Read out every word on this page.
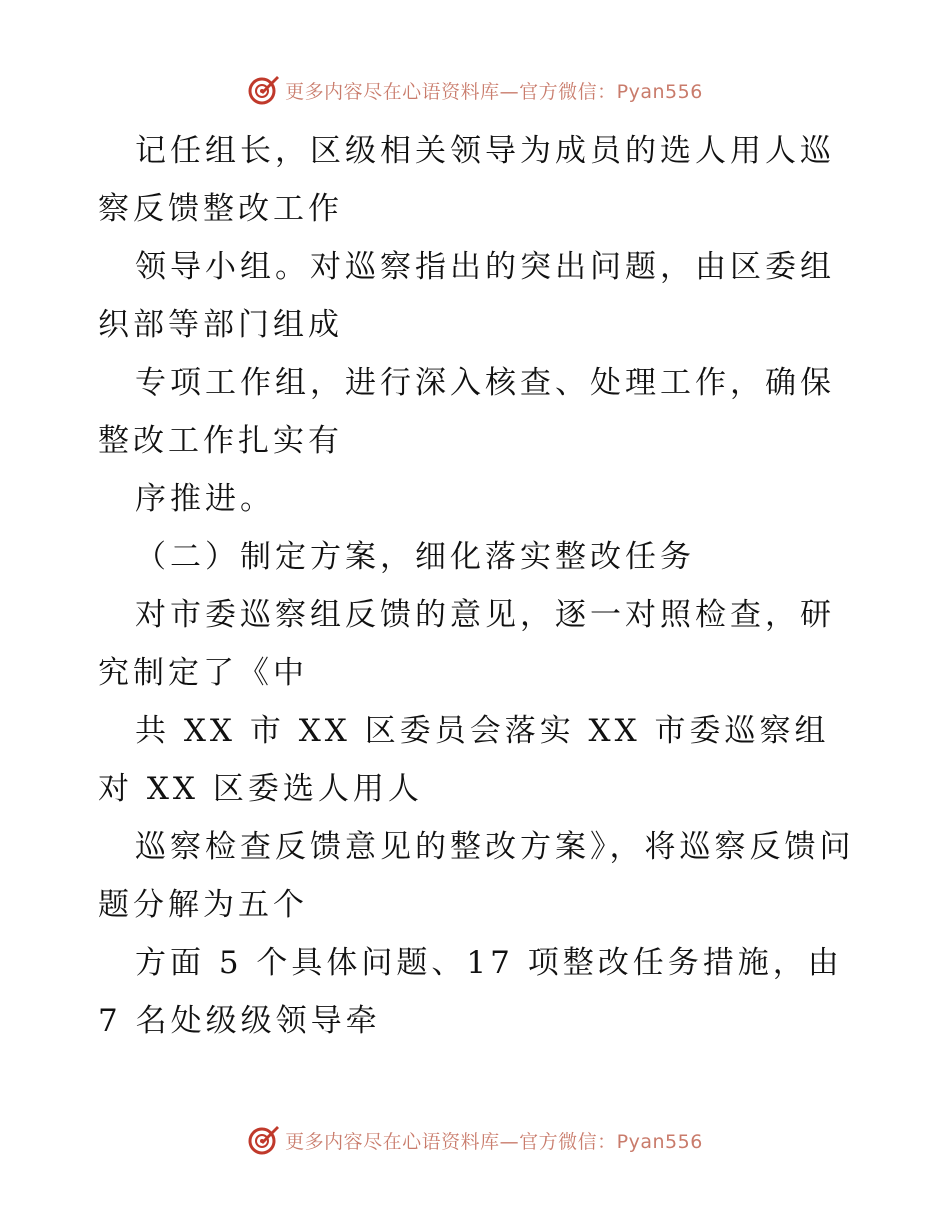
更多内容尽在心语资料库—官方微信：Pyan556

记任组长，区级相关领导为成员的选人用人巡察反馈整改工作

领导小组。对巡察指出的突出问题，由区委组织部等部门组成

专项工作组，进行深入核查、处理工作，确保整改工作扎实有

序推进。

（二）制定方案，细化落实整改任务

对市委巡察组反馈的意见，逐一对照检查，研究制定了《中

共 XX 市 XX 区委员会落实 XX 市委巡察组对 XX 区委选人用人

巡察检查反馈意见的整改方案》，将巡察反馈问题分解为五个

方面 5 个具体问题、17 项整改任务措施，由 7 名处级级领导牵

更多内容尽在心语资料库—官方微信：Pyan556
